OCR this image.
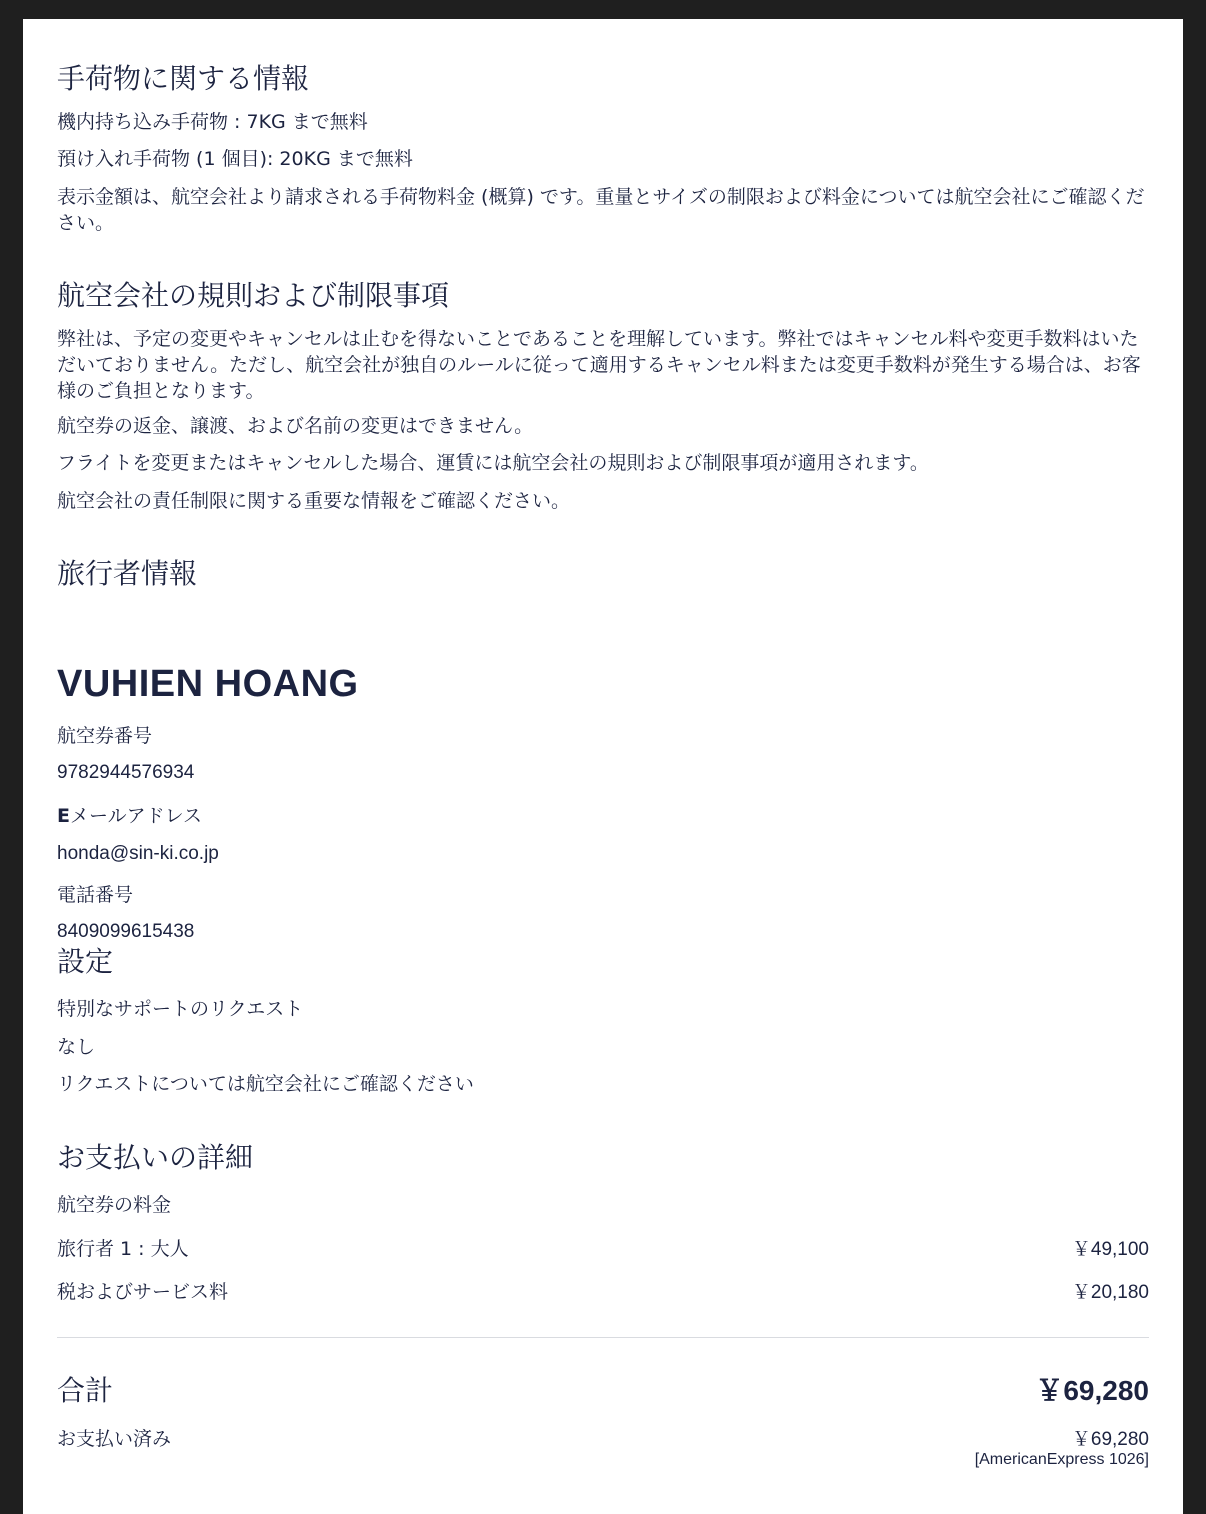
手荷物に関する情報

機内持ち込み手荷物 : 7KG まで無料

預け入れ手荷物 (1 個目): 20KG まで無料

表示金額は、航空会社より請求される手荷物料金 (概算) です。重量とサイズの制限および料金については航空会社にご確認ください。

航空会社の規則および制限事項

弊社は、予定の変更やキャンセルは止むを得ないことであることを理解しています。弊社ではキャンセル料や変更手数料はいただいておりません。ただし、航空会社が独自のルールに従って適用するキャンセル料または変更手数料が発生する場合は、お客様のご負担となります。

航空券の返金、譲渡、および名前の変更はできません。

フライトを変更またはキャンセルした場合、運賃には航空会社の規則および制限事項が適用されます。

航空会社の責任制限に関する重要な情報をご確認ください。

旅行者情報
VUHIEN HOANG

航空券番号

9782944576934

Eメールアドレス

honda@sin-ki.co.jp

電話番号

8409099615438

設定

特別なサポートのリクエスト

なし

リクエストについては航空会社にご確認ください

お支払いの詳細

航空券の料金

旅行者 1 : 大人	￥49,100
税およびサービス料	￥20,180
合計	￥69,280
お支払い済み	￥69,280
[AmericanExpress 1026]
